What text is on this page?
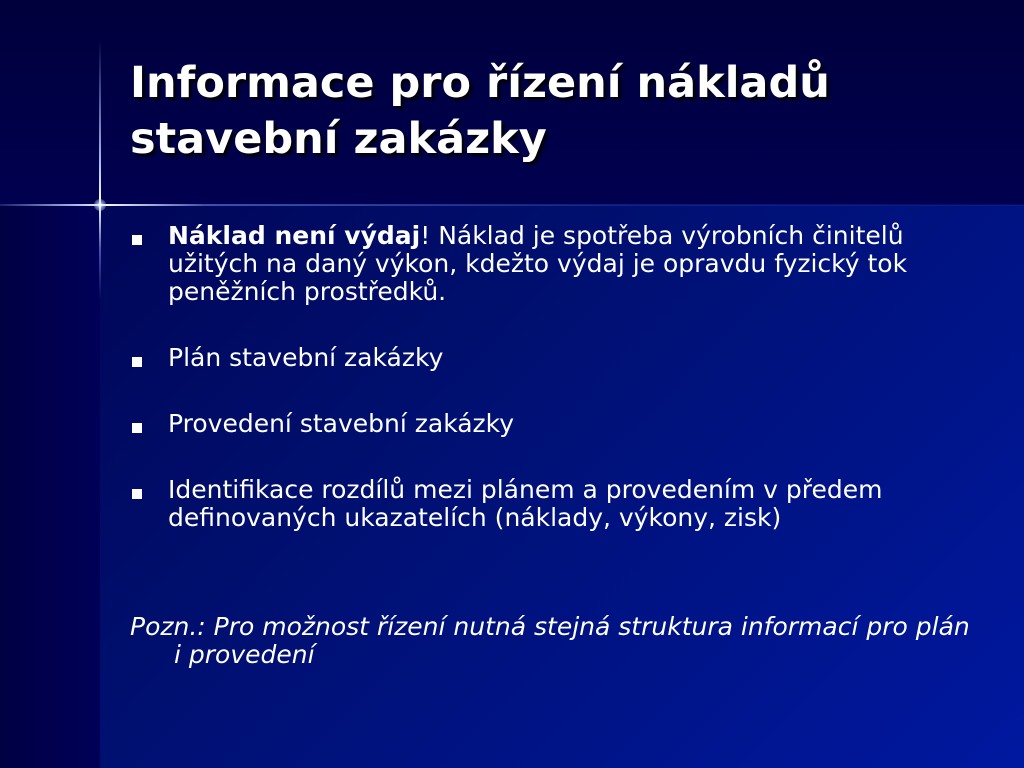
Informace pro řízení nákladů
stavební zakázky
Náklad není výdaj! Náklad je spotřeba výrobních činitelů užitých na daný výkon, kdežto výdaj je opravdu fyzický tok peněžních prostředků.
Plán stavební zakázky
Provedení stavební zakázky
Identifikace rozdílů mezi plánem a provedením v předem definovaných ukazatelích (náklady, výkony, zisk)

Pozn.: Pro možnost řízení nutná stejná struktura informací pro plán i provedení
